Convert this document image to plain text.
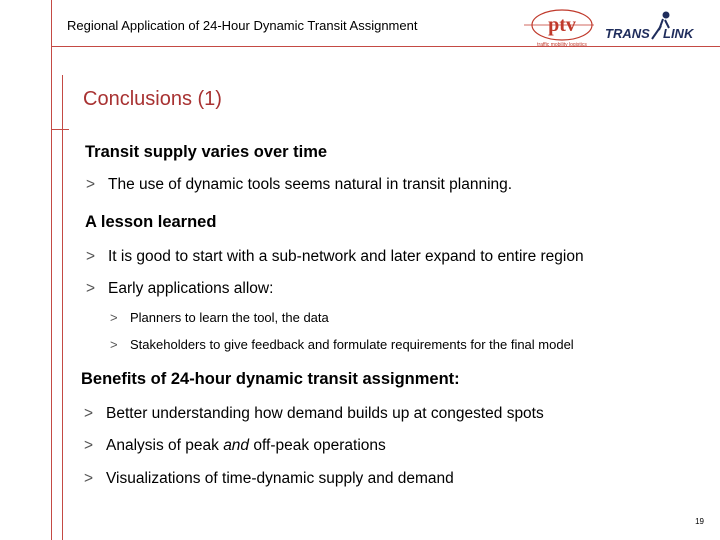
Regional Application of 24-Hour Dynamic Transit Assignment	ptv
traffic mobility logistics
TRANS LINK
Conclusions (1)
Transit supply varies over time
> The use of dynamic tools seems natural in transit planning.
A lesson learned
> It is good to start with a sub-network and later expand to entire region
> Early applications allow:
> Planners to learn the tool, the data
> Stakeholders to give feedback and formulate requirements for the final model
Benefits of 24-hour dynamic transit assignment:
> Better understanding how demand builds up at congested spots
> Analysis of peak and off-peak operations
> Visualizations of time-dynamic supply and demand
19
